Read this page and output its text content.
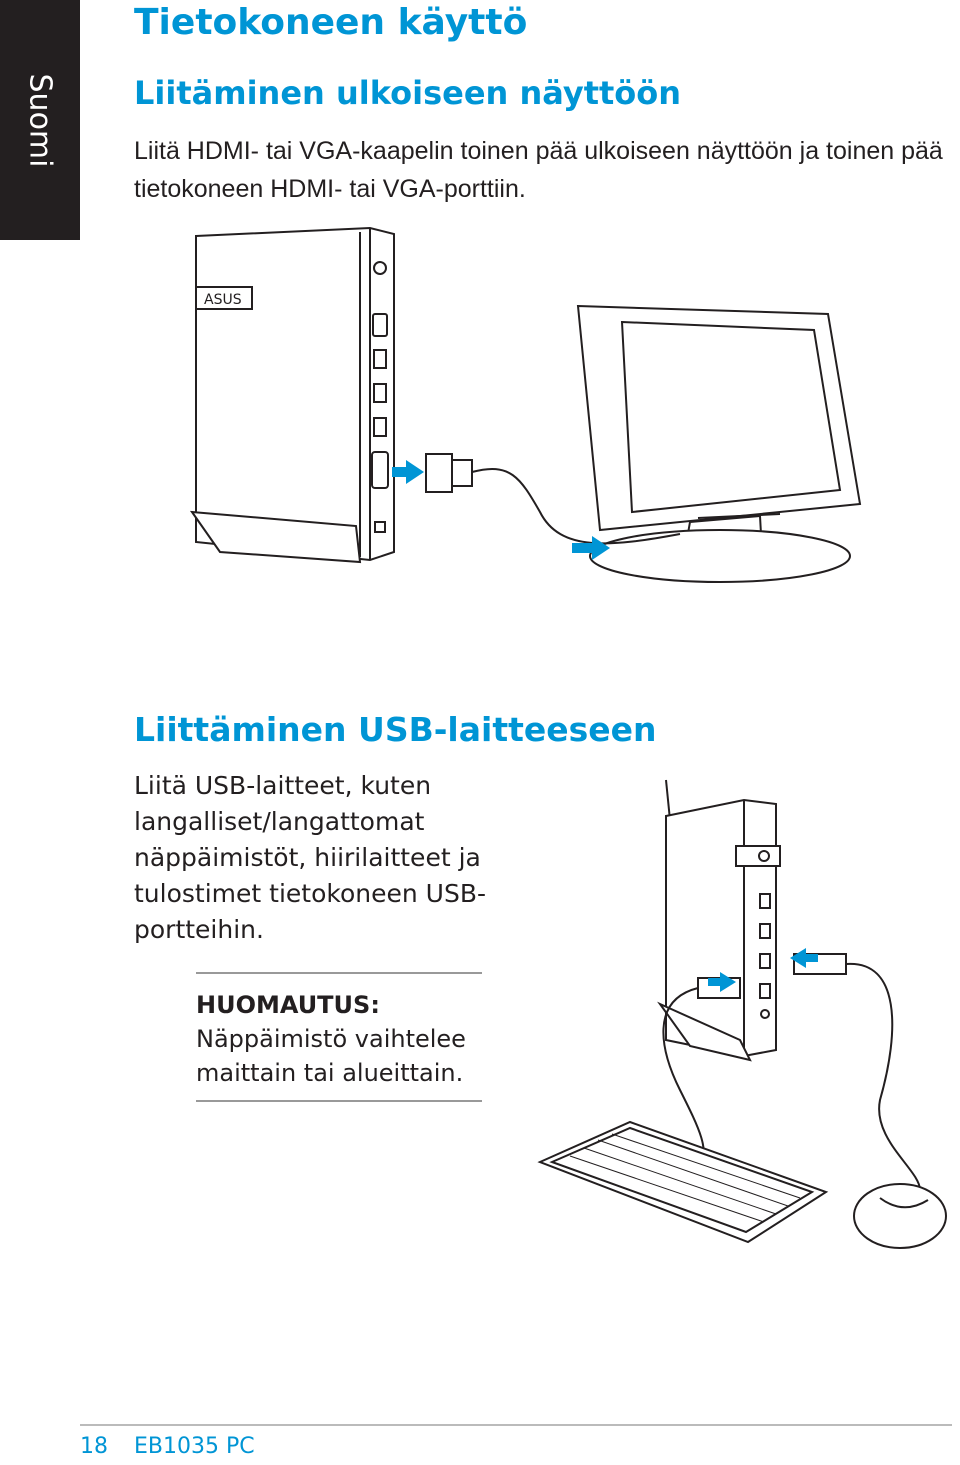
Suomi
Tietokoneen käyttö
Liitäminen ulkoiseen näyttöön
Liitä HDMI- tai VGA-kaapelin toinen pää ulkoiseen näyttöön ja toinen pää tietokoneen HDMI- tai VGA-porttiin.
ASUS
Liittäminen USB-laitteeseen
Liitä USB-laitteet, kuten langalliset/langattomat näppäimistöt, hiirilaitteet ja tulostimet tietokoneen USB-portteihin.
HUOMAUTUS:
Näppäimistö vaihtelee maittain tai alueittain.
18 EB1035 PC
